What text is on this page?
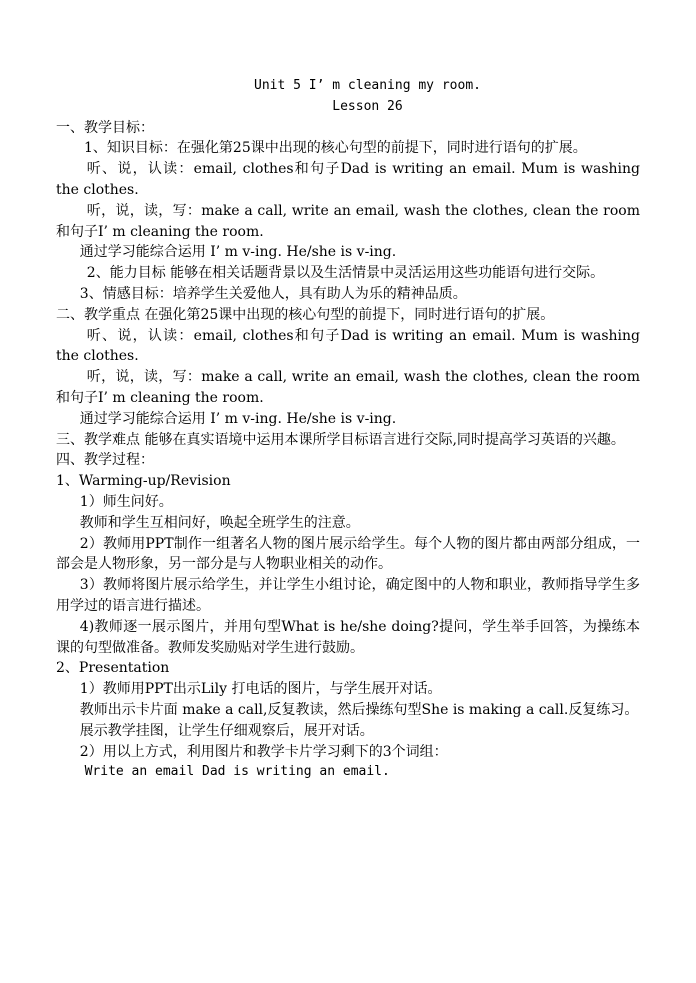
Unit 5 I’ m cleaning my room.

Lesson 26

一、教学目标：

1、知识目标：在强化第25课中出现的核心句型的前提下，同时进行语句的扩展。

听、说，认读：email, clothes和句子Dad is writing an email. Mum is washing the clothes.

听，说，读，写：make a call, write an email, wash the clothes, clean the room和句子I’ m cleaning the room.

通过学习能综合运用 I’ m v-ing. He/she is v-ing.

2、能力目标 能够在相关话题背景以及生活情景中灵活运用这些功能语句进行交际。

3、情感目标：培养学生关爱他人，具有助人为乐的精神品质。

二、教学重点 在强化第25课中出现的核心句型的前提下，同时进行语句的扩展。

听、说，认读：email, clothes和句子Dad is writing an email. Mum is washing the clothes.

听，说，读，写：make a call, write an email, wash the clothes, clean the room和句子I’ m cleaning the room.

通过学习能综合运用 I’ m v-ing. He/she is v-ing.

三、教学难点 能够在真实语境中运用本课所学目标语言进行交际,同时提高学习英语的兴趣。

四、教学过程：

1、Warming-up/Revision

1）师生问好。

教师和学生互相问好，唤起全班学生的注意。

2）教师用PPT制作一组著名人物的图片展示给学生。每个人物的图片都由两部分组成，一部会是人物形象，另一部分是与人物职业相关的动作。

3）教师将图片展示给学生，并让学生小组讨论，确定图中的人物和职业，教师指导学生多用学过的语言进行描述。

4)教师逐一展示图片，并用句型What is he/she doing?提问，学生举手回答，为操练本课的句型做准备。教师发奖励贴对学生进行鼓励。

2、Presentation

1）教师用PPT出示Lily 打电话的图片，与学生展开对话。

教师出示卡片面 make a call,反复教读，然后操练句型She is making a call.反复练习。

展示教学挂图，让学生仔细观察后，展开对话。

2）用以上方式，利用图片和教学卡片学习剩下的3个词组：

Write an email Dad is writing an email.
